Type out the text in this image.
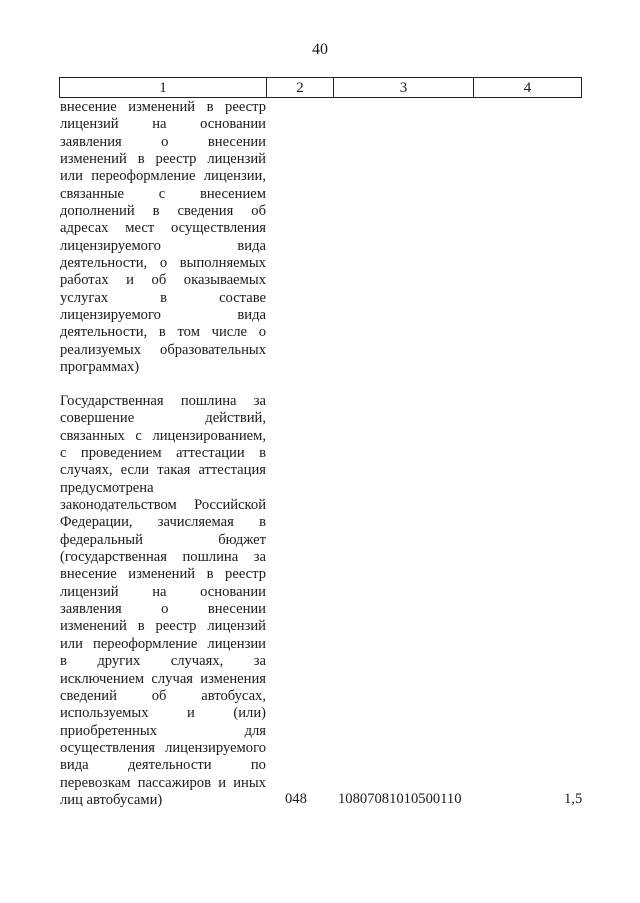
40
1	2	3	4
внесение изменений в реестр
лицензий на основании
заявления	о	внесении
изменений в реестр лицензий
или переоформление лицензии,
связанные с внесением
дополнений в сведения об
адресах мест осуществления
лицензируемого	вида
деятельности, о выполняемых
работах и об оказываемых
услугах	в	составе
лицензируемого	вида
деятельности, в том числе о
реализуемых образовательных
программах)
Государственная пошлина за
совершение	действий,
связанных с лицензированием,
с проведением аттестации в
случаях, если такая аттестация
предусмотрена
законодательством Российской
Федерации, зачисляемая в
федеральный	бюджет
(государственная пошлина за
внесение изменений в реестр
лицензий на основании
заявления	о	внесении
изменений в реестр лицензий
или переоформление лицензии
в других случаях, за
исключением случая изменения
сведений об автобусах,
используемых	и	(или)
приобретенных	для
осуществления лицензируемого
вида	деятельности	по
перевозкам пассажиров и иных
лиц автобусами)	048 10807081010500110	1,5
